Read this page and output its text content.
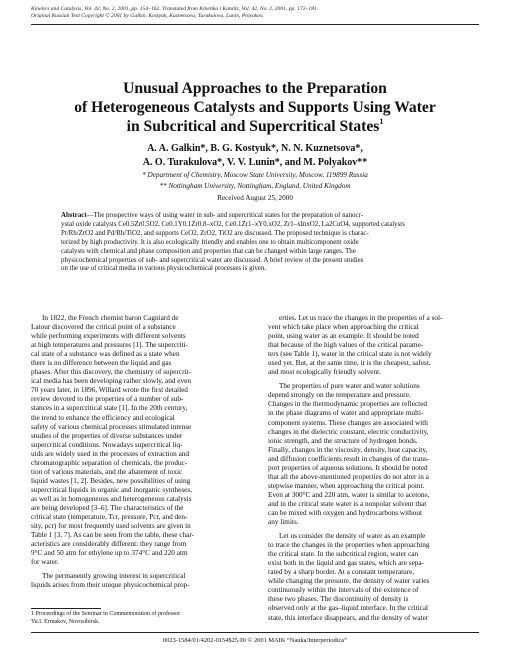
Kinetics and Catalysis, Vol. 42, No. 2, 2001, pp. 154–162. Translated from Kinetika i Kataliz, Vol. 42, No. 2, 2001, pp. 172–181.
Original Russian Text Copyright © 2001 by Galkin, Kostyuk, Kuznetsova, Turakulova, Lunin, Polyakov.
Unusual Approaches to the Preparation
of Heterogeneous Catalysts and Supports Using Water
in Subcritical and Supercritical States$^1$
A. A. Galkin*, B. G. Kostyuk*, N. N. Kuznetsova*,
A. O. Turakulova*, V. V. Lunin*, and M. Polyakov**
* Department of Chemistry, Moscow State University, Moscow, 119899 Russia
** Nottingham University, Nottingham, England, United Kingdom
Received August 25, 2000
Abstract—The prospective ways of using water in sub- and supercritical states for the preparation of nanocr-
ystal oxide catalysts Ce0.5Zr0.5O2, Ce0.1Y0.1Zr0.8–xO2, Ce0.1Zr1–xY0.xO2, Zr1–xInxO2, La2CuO4, supported catalysts
Pt/Rh/ZrO2 and Pd/Rh/TiO2, and supports CeO2, ZrO2, TiO2 are discussed. The proposed technique is charac-
terized by high productivity. It is also ecologically friendly and enables one to obtain multicomponent oxide
catalysts with chemical and phase composition and properties that can be changed within large ranges. The
physicochemical properties of sub- and supercritical water are discussed. A brief review of the present studies
on the use of critical media in various physicochemical processes is given.
In 1822, the French chemist baron Cagniard de
Latour discovered the critical point of a substance
while performing experiments with different solvents
at high temperatures and pressures [1]. The supercriti-
cal state of a substance was defined as a state when
there is no difference between the liquid and gas
phases. After this discovery, the chemistry of supercrit-
ical media has been developing rather slowly, and even
70 years later, in 1896, Willard wrote the first detailed
review devoted to the properties of a number of sub-
stances in a supercritical state [1]. In the 20th century,
the trend to enhance the efficiency and ecological
safety of various chemical processes stimulated intense
studies of the properties of diverse substances under
supercritical conditions. Nowadays supercritical liq-
uids are widely used in the processes of extraction and
chromatographic separation of chemicals, the produc-
tion of various materials, and the abatement of toxic
liquid wastes [1, 2]. Besides, new possibilities of using
supercritical liquids in organic and inorganic syntheses,
as well as in homogeneous and heterogeneous catalysis
are being developed [3–6]. The characteristics of the
critical state (temperature, Tcr, pressure, Pcr, and den-
sity, ρcr) for most frequently used solvents are given in
Table 1 [3, 7]. As can be seen from the table, these char-
acteristics are considerably different: they range from
9°C and 50 atm for ethylene up to 374°C and 220 atm
for water.
The permanently growing interest in supercritical
liquids arises from their unique physicochemical prop-
erties. Let us trace the changes in the properties of a sol-
vent which take place when approaching the critical
point, using water as an example. It should be noted
that because of the high values of the critical parame-
ters (see Table 1), water in the critical state is not widely
used yet. But, at the same time, it is the cheapest, safest,
and most ecologically friendly solvent.
The properties of pure water and water solutions
depend strongly on the temperature and pressure.
Changes in the thermodynamic properties are reflected
in the phase diagrams of water and appropriate multi-
component systems. These changes are associated with
changes in the dielectric constant, electric conductivity,
ionic strength, and the structure of hydrogen bonds.
Finally, changes in the viscosity, density, heat capacity,
and diffusion coefficients result in changes of the trans-
port properties of aqueous solutions. It should be noted
that all the above-mentioned properties do not alter in a
stepwise manner, when approaching the critical point.
Even at 300°C and 220 atm, water is similar to acetone,
and in the critical state water is a nonpolar solvent that
can be mixed with oxygen and hydrocarbons without
any limits.
Let us consider the density of water as an example
to trace the changes in the properties when approaching
the critical state. In the subcritical region, water can
exist both in the liquid and gas states, which are sepa-
rated by a sharp border. At a constant temperature,
while changing the pressure, the density of water varies
continuously within the intervals of the existence of
these two phases. The discontinuity of density is
observed only at the gas–liquid interface. In the critical
state, this interface disappears, and the density of water
1 Proceedings of the Seminar in Commemoration of professor
Yu.I. Ermakov, Novosibirsk.
0023-1584/01/4202-0154$25.00 © 2001 MAIK “Nauka/Interperiodica”
